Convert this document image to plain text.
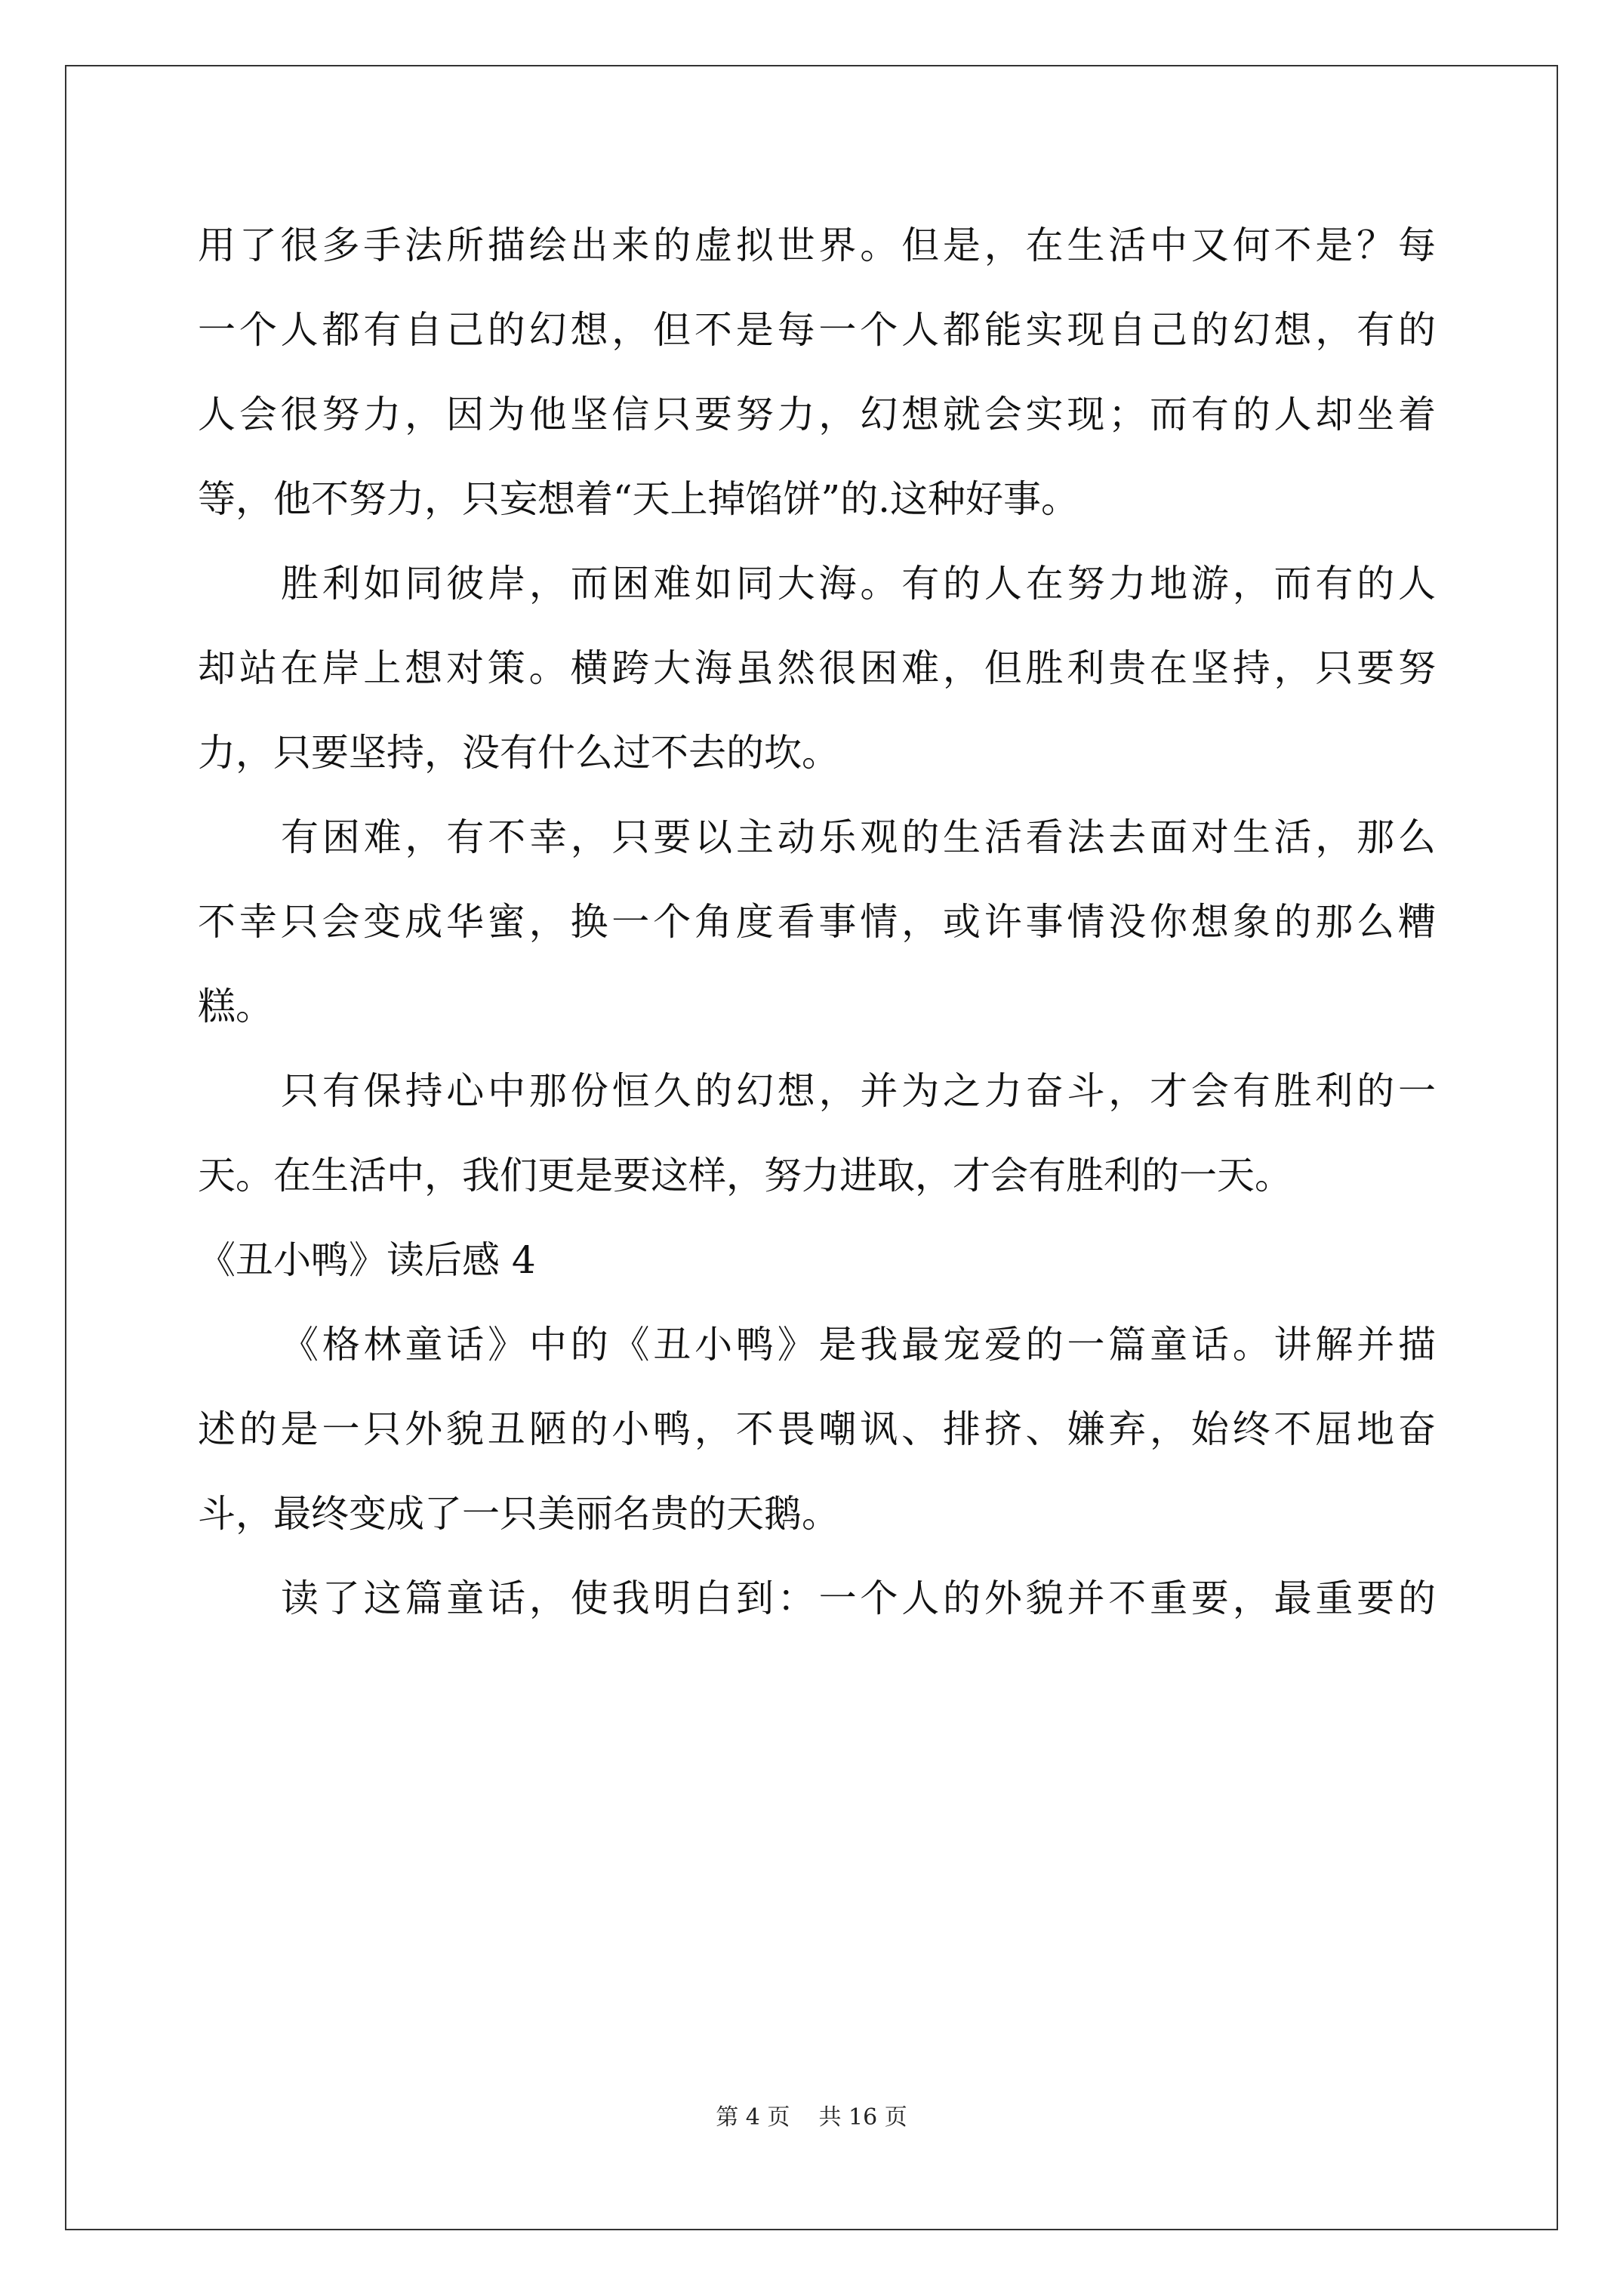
用了很多手法所描绘出来的虚拟世界。但是，在生活中又何不是？每
一个人都有自己的幻想，但不是每一个人都能实现自己的幻想，有的
人会很努力，因为他坚信只要努力，幻想就会实现；而有的人却坐着
等，他不努力，只妄想着“天上掉馅饼”的.这种好事。
胜利如同彼岸，而困难如同大海。有的人在努力地游，而有的人
却站在岸上想对策。横跨大海虽然很困难，但胜利贵在坚持，只要努
力，只要坚持，没有什么过不去的坎。
有困难，有不幸，只要以主动乐观的生活看法去面对生活，那么
不幸只会变成华蜜，换一个角度看事情，或许事情没你想象的那么糟
糕。
只有保持心中那份恒久的幻想，并为之力奋斗，才会有胜利的一
天。在生活中，我们更是要这样，努力进取，才会有胜利的一天。
《丑小鸭》读后感 4
《格林童话》中的《丑小鸭》是我最宠爱的一篇童话。讲解并描
述的是一只外貌丑陋的小鸭，不畏嘲讽、排挤、嫌弃，始终不屈地奋
斗，最终变成了一只美丽名贵的天鹅。
读了这篇童话，使我明白到：一个人的外貌并不重要，最重要的
第 4 页    共 16 页
